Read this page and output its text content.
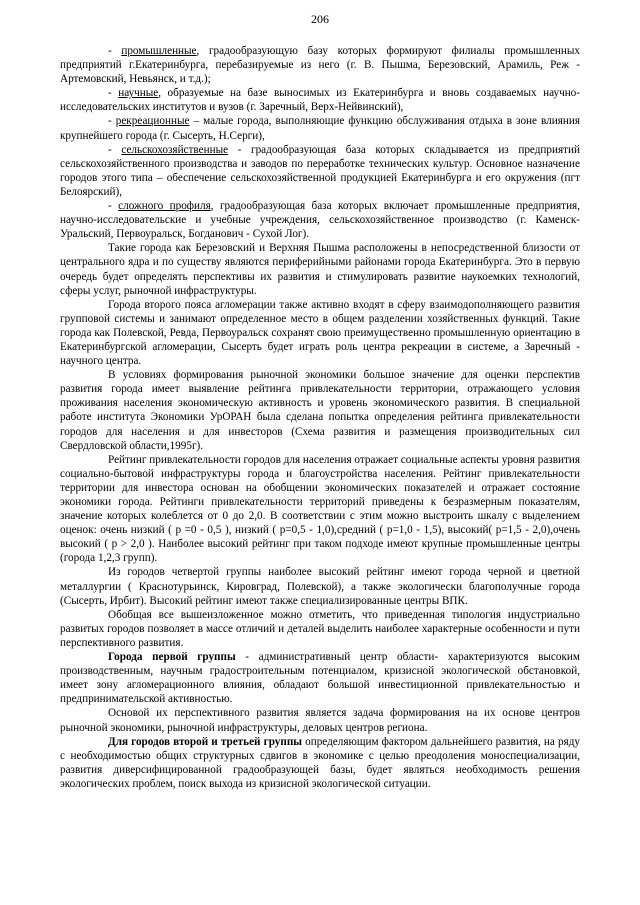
206

- промышленные, градообразующую базу которых формируют филиалы промышленных предприятий г.Екатеринбурга, перебазируемые из него (г. В. Пышма, Березовский, Арамиль, Реж - Артемовский, Невьянск, и т.д.);

- научные, образуемые на базе выносимых из Екатеринбурга и вновь создаваемых научно-исследовательских институтов и вузов (г. Заречный, Верх-Нейвинский),

- рекреационные – малые города, выполняющие функцию обслуживания отдыха в зоне влияния крупнейшего города (г. Сысерть, Н.Серги),

- сельскохозяйственные - градообразующая база которых складывается из предприятий сельскохозяйственного производства и заводов по переработке технических культур. Основное назначение городов этого типа – обеспечение сельскохозяйственной продукцией Екатеринбурга и его окружения (пгт Белоярский),

- сложного профиля, градообразующая база которых включает промышленные предприятия, научно-исследовательские и учебные учреждения, сельскохозяйственное производство (г. Каменск-Уральский, Первоуральск, Богданович - Сухой Лог).

Такие города как Березовский и Верхняя Пышма расположены в непосредственной близости от центрального ядра и по существу являются периферийными районами города Екатеринбурга. Это в первую очередь будет определять перспективы их развития и стимулировать развитие наукоемких технологий, сферы услуг, рыночной инфраструктуры.

Города второго пояса агломерации также активно входят в сферу взаимодополняющего развития групповой системы и занимают определенное место в общем разделении хозяйственных функций. Такие города как Полевской, Ревда, Первоуральск сохранят свою преимущественно промышленную ориентацию в Екатеринбургской агломерации, Сысерть будет играть роль центра рекреации в системе, а Заречный - научного центра.

В условиях формирования рыночной экономики большое значение для оценки перспектив развития города имеет выявление рейтинга привлекательности территории, отражающего условия проживания населения экономическую активность и уровень экономического развития. В специальной работе института Экономики УрОРАН была сделана попытка определения рейтинга привлекательности городов для населения и для инвесторов (Схема развития и размещения производительных сил Свердловской области,1995г).

Рейтинг привлекательности городов для населения отражает социальные аспекты уровня развития социально-бытовой инфраструктуры города и благоустройства населения. Рейтинг привлекательности территории для инвестора основан на обобщении экономических показателей и отражает состояние экономики города. Рейтинги привлекательности территорий приведены к безразмерным показателям, значение которых колеблется от 0 до 2,0. В соответствии с этим можно выстроить шкалу с выделением оценок: очень низкий ( р =0 - 0,5 ), низкий ( р=0,5 - 1,0),средний ( р=1,0 - 1,5), высокий( р=1,5 - 2,0),очень высокий ( р > 2,0 ). Наиболее высокий рейтинг при таком подходе имеют крупные промышленные центры (города 1,2,3 групп).

Из городов четвертой группы наиболее высокий рейтинг имеют города черной и цветной металлургии ( Краснотурьинск, Кировград, Полевской), а также экологически благополучные города (Сысерть, Ирбит). Высокий рейтинг имеют также специализированные центры ВПК.

Обобщая все вышеизложенное можно отметить, что приведенная типология индустриально развитых городов позволяет в массе отличий и деталей выделить наиболее характерные особенности и пути перспективного развития.

Города первой группы - административный центр области- характеризуются высоким производственным, научным градостроительным потенциалом, кризисной экологической обстановкой, имеет зону агломерационного влияния, обладают большой инвестиционной привлекательностью и предпринимательской активностью.

Основой их перспективного развития является задача формирования на их основе центров рыночной экономики, рыночной инфраструктуры, деловых центров региона.

Для городов второй и третьей группы определяющим фактором дальнейшего развития, на ряду с необходимостью общих структурных сдвигов в экономике с целью преодоления моноспециализации, развития диверсифицированной градообразующей базы, будет являться необходимость решения экологических проблем, поиск выхода из кризисной экологической ситуации.
